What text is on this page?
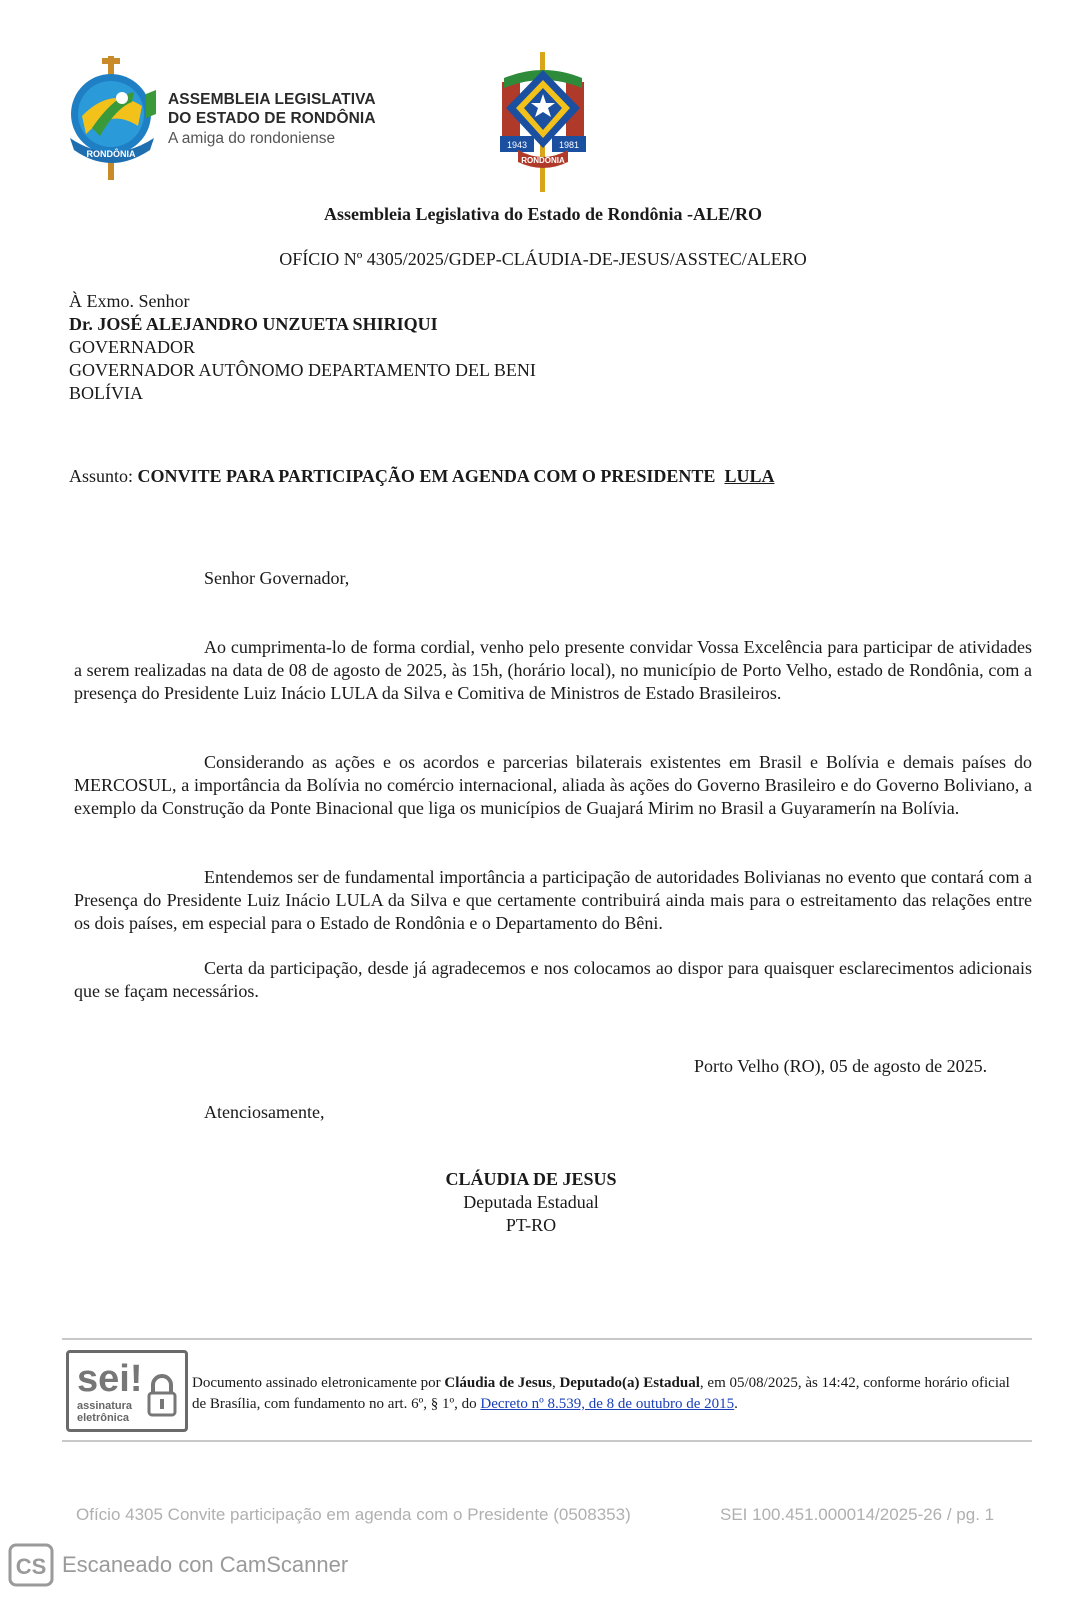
RONDÔNIA
ASSEMBLEIA LEGISLATIVA
DO ESTADO DE RONDÔNIA
A amiga do rondoniense	1943	1981
RONDÔNIA
Assembleia Legislativa do Estado de Rondônia -ALE/RO
OFÍCIO Nº 4305/2025/GDEP-CLÁUDIA-DE-JESUS/ASSTEC/ALERO
À Exmo. Senhor
Dr. JOSÉ ALEJANDRO UNZUETA SHIRIQUI
GOVERNADOR
GOVERNADOR AUTÔNOMO DEPARTAMENTO DEL BENI
BOLÍVIA
Assunto: CONVITE PARA PARTICIPAÇÃO EM AGENDA COM O PRESIDENTE LULA
Senhor Governador,
Ao cumprimenta-lo de forma cordial, venho pelo presente convidar Vossa Excelência para participar de atividades a serem realizadas na data de 08 de agosto de 2025, às 15h, (horário local), no município de Porto Velho, estado de Rondônia, com a presença do Presidente Luiz Inácio LULA da Silva e Comitiva de Ministros de Estado Brasileiros.
Considerando as ações e os acordos e parcerias bilaterais existentes em Brasil e Bolívia e demais países do MERCOSUL, a importância da Bolívia no comércio internacional, aliada às ações do Governo Brasileiro e do Governo Boliviano, a exemplo da Construção da Ponte Binacional que liga os municípios de Guajará Mirim no Brasil a Guyaramerín na Bolívia.
Entendemos ser de fundamental importância a participação de autoridades Bolivianas no evento que contará com a Presença do Presidente Luiz Inácio LULA da Silva e que certamente contribuirá ainda mais para o estreitamento das relações entre os dois países, em especial para o Estado de Rondônia e o Departamento do Bêni.
Certa da participação, desde já agradecemos e nos colocamos ao dispor para quaisquer esclarecimentos adicionais que se façam necessários.
Porto Velho (RO), 05 de agosto de 2025.
Atenciosamente,
CLÁUDIA DE JESUS
Deputada Estadual
PT-RO
sei!
assinatura
eletrônica
Documento assinado eletronicamente por Cláudia de Jesus, Deputado(a) Estadual, em 05/08/2025, às 14:42, conforme horário oficial de Brasília, com fundamento no art. 6º, § 1º, do Decreto nº 8.539, de 8 de outubro de 2015.
Ofício 4305 Convite participação em agenda com o Presidente (0508353)	SEI 100.451.000014/2025-26 / pg. 1
CS Escaneado con CamScanner
